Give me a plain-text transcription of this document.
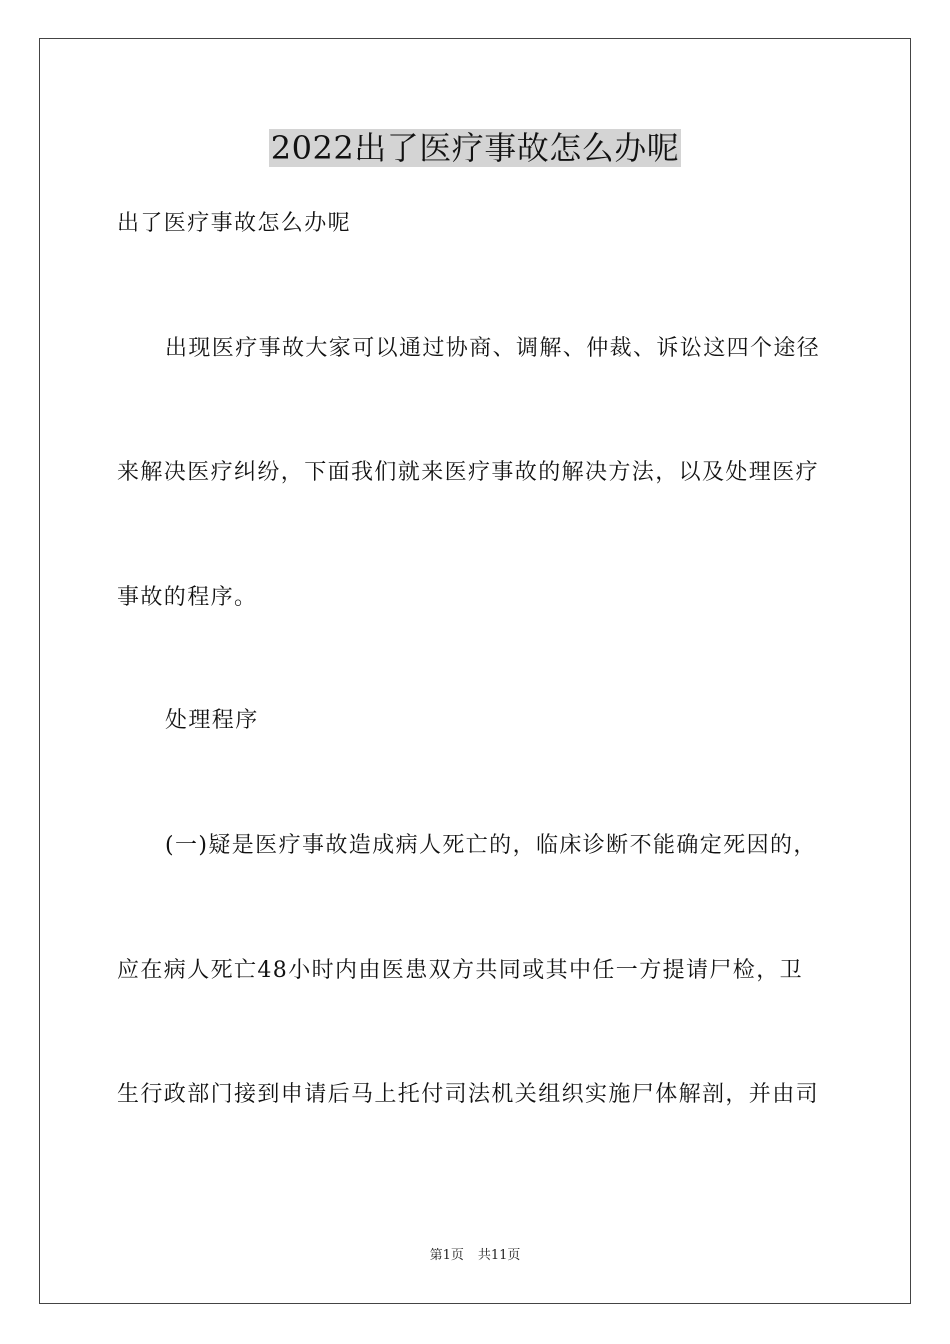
2022出了医疗事故怎么办呢

出了医疗事故怎么办呢

出现医疗事故大家可以通过协商、调解、仲裁、诉讼这四个途径

来解决医疗纠纷，下面我们就来医疗事故的解决方法，以及处理医疗

事故的程序。

处理程序

(一)疑是医疗事故造成病人死亡的，临床诊断不能确定死因的，

应在病人死亡48小时内由医患双方共同或其中任一方提请尸检，卫

生行政部门接到申请后马上托付司法机关组织实施尸体解剖，并由司

第1页 共11页
